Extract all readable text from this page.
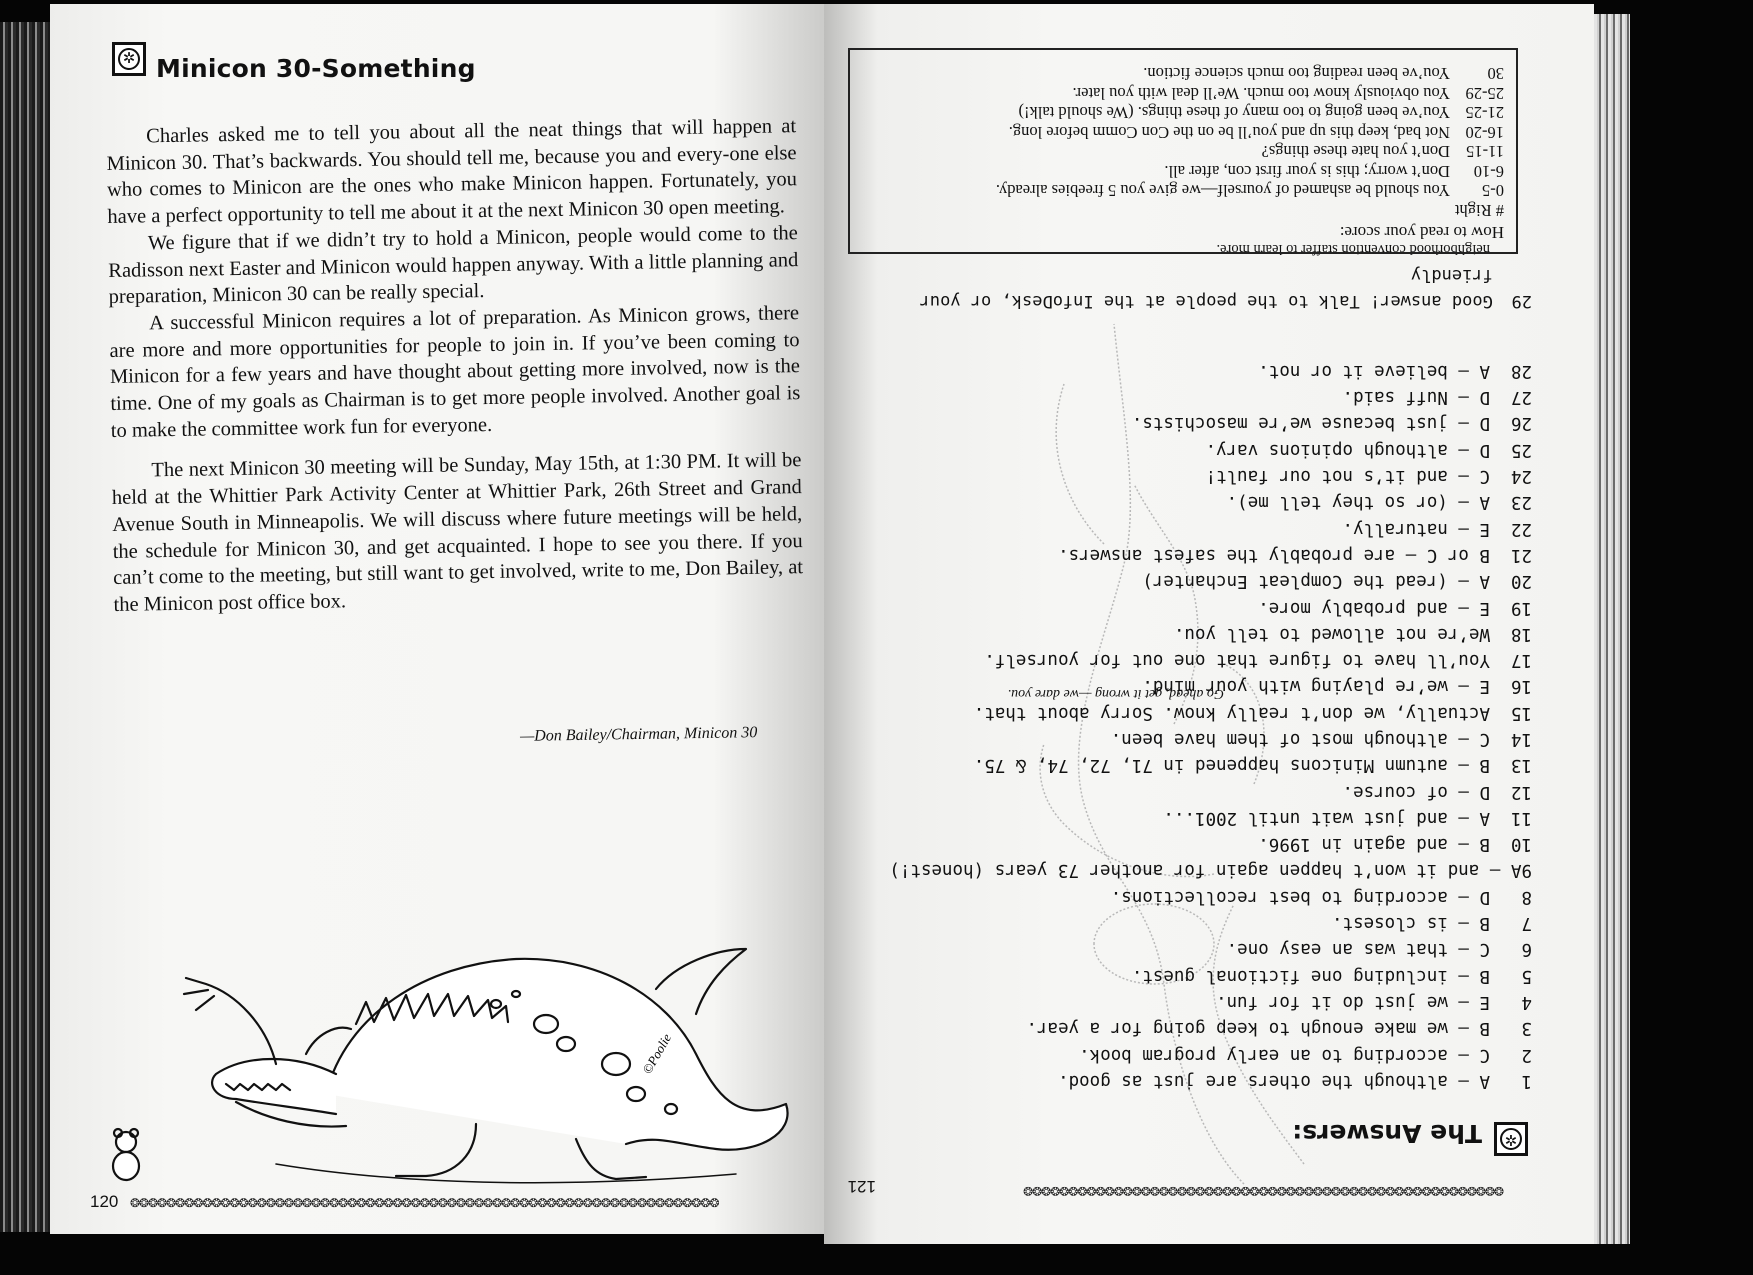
✲ Minicon 30-Something

Charles asked me to tell you about all the neat things that will happen at Minicon 30. That’s backwards. You should tell me, because you and every-one else who comes to Minicon are the ones who make Minicon happen. Fortunately, you have a perfect opportunity to tell me about it at the next Minicon 30 open meeting.

We figure that if we didn’t try to hold a Minicon, people would come to the Radisson next Easter and Minicon would happen anyway. With a little planning and preparation, Minicon 30 can be really special.

A successful Minicon requires a lot of preparation. As Minicon grows, there are more and more opportunities for people to join in. If you’ve been coming to Minicon for a few years and have thought about getting more involved, now is the time. One of my goals as Chairman is to get more people involved. Another goal is to make the committee work fun for everyone.

The next Minicon 30 meeting will be Sunday, May 15th, at 1:30 PM. It will be held at the Whittier Park Activity Center at Whittier Park, 26th Street and Grand Avenue South in Minneapolis. We will discuss where future meetings will be held, the schedule for Minicon 30, and get acquainted. I hope to see you there. If you can’t come to the meeting, but still want to get involved, write to me, Don Bailey, at the Minicon post office box.

—Don Bailey/Chairman, Minicon 30
©Poolie
120 ❂❂❂❂❂❂❂❂❂❂❂❂❂❂❂❂❂❂❂❂❂❂❂❂❂❂❂❂❂❂❂❂❂❂❂❂❂❂❂❂❂❂❂❂❂❂❂❂❂❂❂❂❂❂❂❂❂❂❂❂❂❂❂❂❂
✲
The Answers:
1
A — although the others are just as good.
2
C — according to an early program book.
3
B — we make enough to keep going for a year.
4
E — we just do it for fun.
5
B — including one fictional guest.
6
C — that was an easy one.
7
B — is closest.
8
D — according to best recollections.
9
A — and it won’t happen again for another 73 years (honest!)
10
B — and again in 1996.
11
A — and just wait until 2001...
12
D — of course.
13
B — autumn Minicons happened in 71, 72, 74, & 75.
14
C — although most of them have been.
15
Actually, we don’t really know. Sorry about that.
16
E — we’re playing with your mind.
17
You’ll have to figure that one out for yourself.
18
We’re not allowed to tell you.
19
E — and probably more.
20
A — (read the Compleat Enchanter)
21
B or C — are probably the safest answers.
22
E — naturally.
23
A — (or so they tell me).
24
C — and it’s not our fault!
25
D — although opinions vary.
26
D — just because we’re masochists.
27
D — Nuff said.
28
A — believe it or not.
Go ahead, get it wrong —we dare you.
29
Good answer! Talk to the people at the InfoDesk, or your friendly
neighborhood convention staffer to learn more.
How to read your score:
# Right
0-5
You should be ashamed of yourself—we give you 5 freebies already.
6-10
Don’t worry; this is your first con, after all.
11-15
Don’t you hate these things?
16-20
Not bad, keep this up and you’ll be on the Con Comm before long.
21-25
You’ve been going to too many of these things. (We should talk!)
25-29
You obviously know too much. We’ll deal with you later.
30
You’ve been reading too much science fiction.
121	❂❂❂❂❂❂❂❂❂❂❂❂❂❂❂❂❂❂❂❂❂❂❂❂❂❂❂❂❂❂❂❂❂❂❂❂❂❂❂❂❂❂❂❂❂❂❂❂❂❂❂❂❂
